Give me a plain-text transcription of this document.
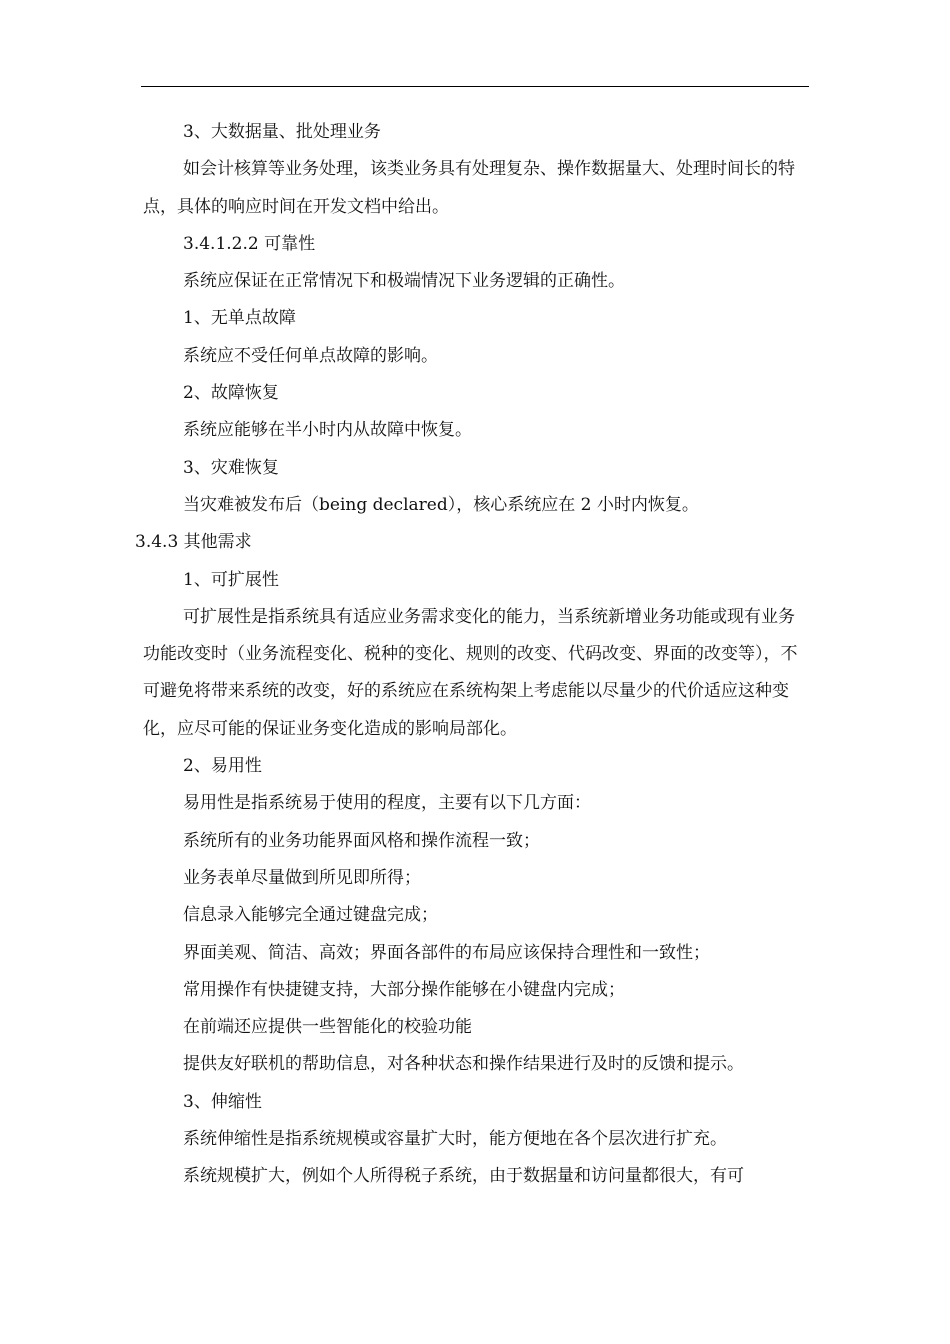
3、大数据量、批处理业务
如会计核算等业务处理，该类业务具有处理复杂、操作数据量大、处理时间长的特点，具体的响应时间在开发文档中给出。
3.4.1.2.2 可靠性
系统应保证在正常情况下和极端情况下业务逻辑的正确性。
1、无单点故障
系统应不受任何单点故障的影响。
2、故障恢复
系统应能够在半小时内从故障中恢复。
3、灾难恢复
当灾难被发布后（being declared），核心系统应在 2 小时内恢复。
3.4.3 其他需求
1、可扩展性
可扩展性是指系统具有适应业务需求变化的能力，当系统新增业务功能或现有业务功能改变时（业务流程变化、税种的变化、规则的改变、代码改变、界面的改变等），不可避免将带来系统的改变，好的系统应在系统构架上考虑能以尽量少的代价适应这种变化，应尽可能的保证业务变化造成的影响局部化。
2、易用性
易用性是指系统易于使用的程度，主要有以下几方面：
系统所有的业务功能界面风格和操作流程一致；
业务表单尽量做到所见即所得；
信息录入能够完全通过键盘完成；
界面美观、简洁、高效；界面各部件的布局应该保持合理性和一致性；
常用操作有快捷键支持，大部分操作能够在小键盘内完成；
在前端还应提供一些智能化的校验功能
提供友好联机的帮助信息，对各种状态和操作结果进行及时的反馈和提示。
3、伸缩性
系统伸缩性是指系统规模或容量扩大时，能方便地在各个层次进行扩充。
系统规模扩大，例如个人所得税子系统，由于数据量和访问量都很大，有可
